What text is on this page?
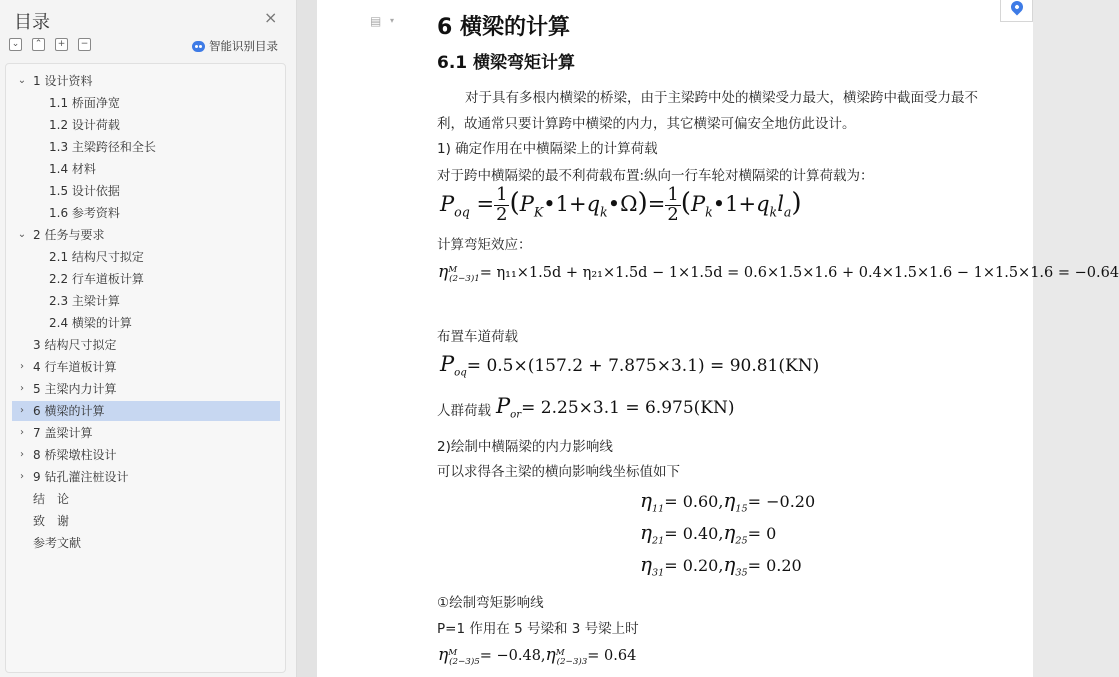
目录	×
⌄	⌃	+	−	智能识别目录
⌄ 1 设计资料
1.1 桥面净宽
1.2 设计荷载
1.3 主梁跨径和全长
1.4 材料
1.5 设计依据
1.6 参考资料
⌄ 2 任务与要求
2.1 结构尺寸拟定
2.2 行车道板计算
2.3 主梁计算
2.4 横梁的计算
3 结构尺寸拟定
› 4 行车道板计算
› 5 主梁内力计算
› 6 横梁的计算
› 7 盖梁计算
› 8 桥梁墩柱设计
› 9 钻孔灌注桩设计
结　论
致　谢
参考文献
▤ ▾ 6 横梁的计算
6.1 横梁弯矩计算
对于具有多根内横梁的桥梁，由于主梁跨中处的横梁受力最大，横梁跨中截面受力最不
利，故通常只要计算跨中横梁的内力，其它横梁可偏安全地仿此设计。
1) 确定作用在中横隔梁上的计算荷载
对于跨中横隔梁的最不利荷载布置:纵向一行车轮对横隔梁的计算荷载为：
$P_{oq} = \frac{1}{2}$ $(P_K•1+q_k•\Omega)= \frac{1}{2}$ $(P_k•1+q_kl_a)$
计算弯矩效应：
$\eta^M_{(2-3)1}= \eta_{11}\times 1.5d + \eta_{21}\times 1.5d - 1\times 1.5d = 0.6\times 1.5\times 1.6 + 0.4\times 1.5\times 1.6 - 1\times 1.5\times 1.6 = -0.64$
布置车道荷载
$P_{oq}= 0.5\times(157.2 + 7.875\times 3.1) = 90.81(KN)$
人群荷载 $P_{or}= 2.25\times 3.1 = 6.975(KN)$
2)绘制中横隔梁的内力影响线
可以求得各主梁的横向影响线坐标值如下
$\eta_{11}= 0.60,\eta_{15}= -0.20$
$\eta_{21}= 0.40,\eta_{25}= 0$
$\eta_{31}= 0.20,\eta_{35}= 0.20$
①绘制弯矩影响线
P=1 作用在 5 号梁和 3 号梁上时
$\eta^M_{(2-3)5}= -0.48,\eta^M_{(2-3)3}= 0.64$
